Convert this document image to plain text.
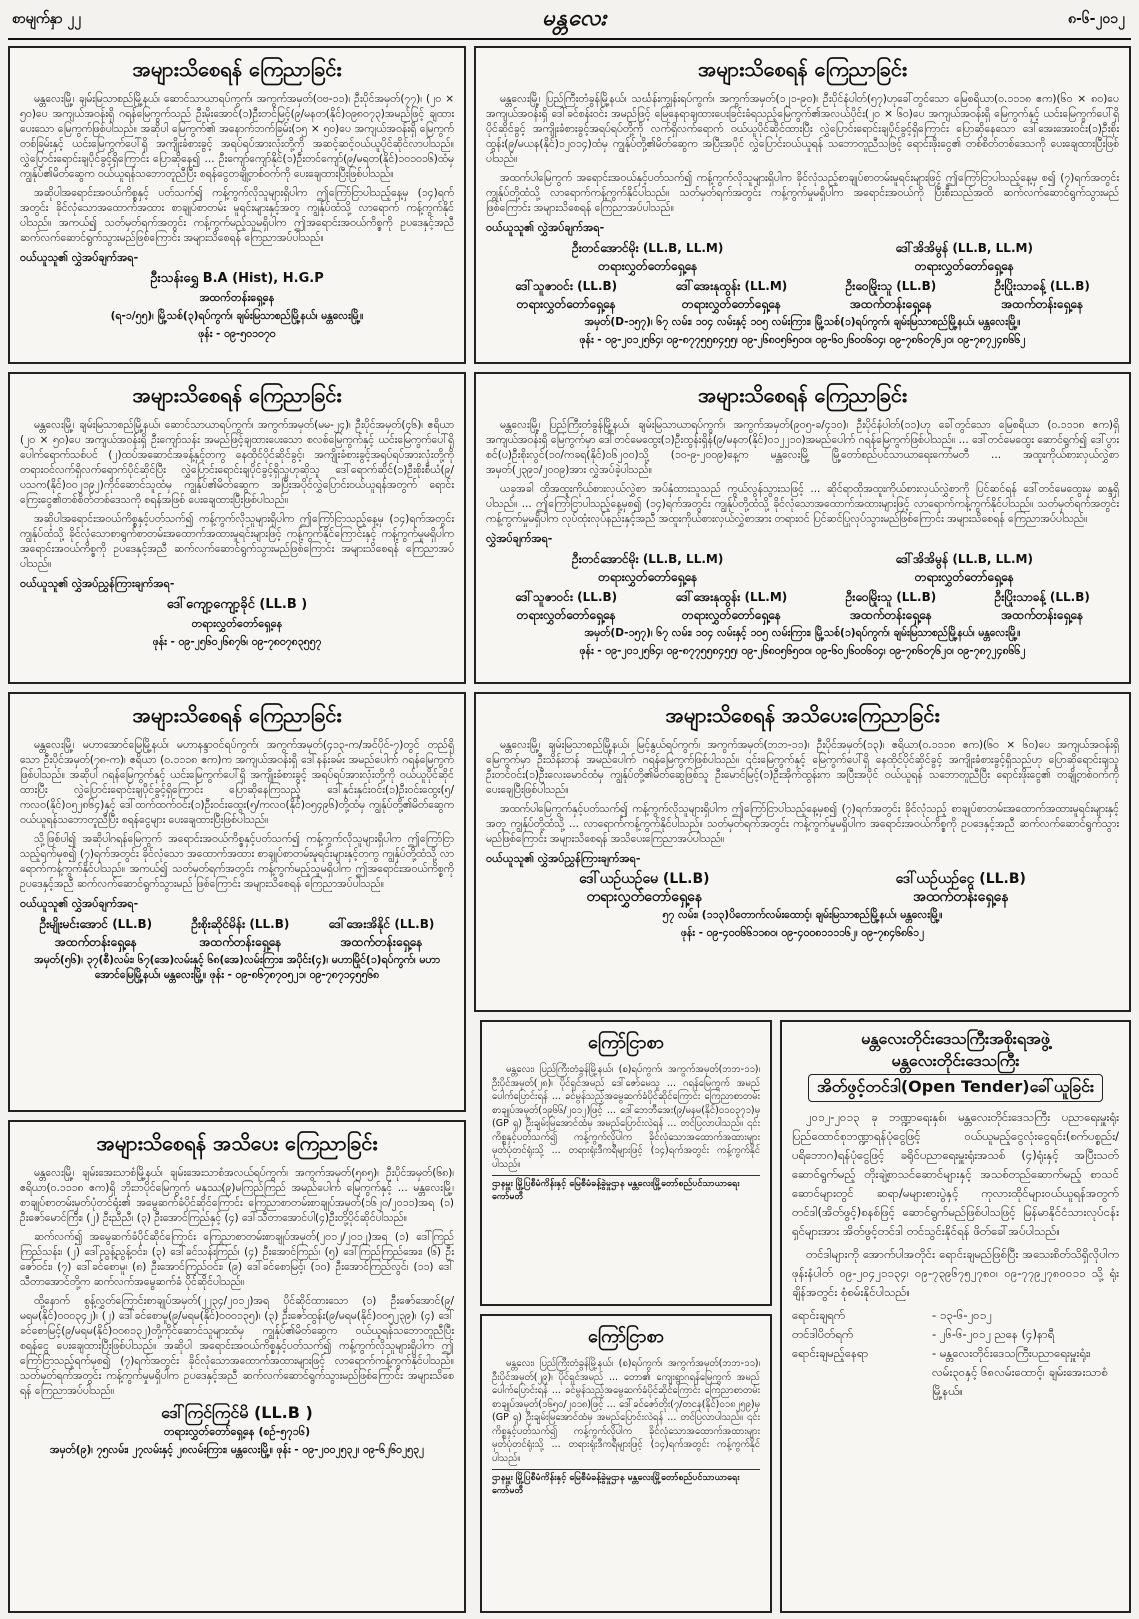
စာမျက်နှာ ၂၂	မန္တလေး	၈-၆-၂၀၁၂
အများသိစေရန် ကြေညာခြင်း

မန္တလေးမြို့၊ ချမ်းမြသာစည်မြို့နယ်၊ ဆောင်သာယာရပ်ကွက်၊ အကွက်အမှတ်(၀ဗ-၁၁)၊ ဦးပိုင်အမှတ်(၇၇)၊ (၂၀ × ၅၀)ပေ အကျယ်အဝန်းရှိ ဂရန်မြေကွက်သည် ဦးမိုးအောင်(၁)ဦးတင်မြင့်(၉/မနတ(နိုင်)၀၉၈၀၇၃)အမည်ဖြင့် ချထားပေးသော မြေကွက်ဖြစ်ပါသည်။ အဆိုပါ မြေကွက်၏ အနောက်ဘက်ခြမ်း(၁၅ × ၅၀)ပေ အကျယ်အဝန်းရှိ မြေကွက်တစ်ခြမ်းနှင့် ယင်းမြေကွက်ပေါ်ရှိ အကျိုးခံစားခွင့် အရပ်ရပ်အားလုံးတို့ကို အဆင့်ဆင့်ဝယ်ယူပိုင်ဆိုင်လာပါသည်။ လွှဲပြောင်းရောင်းချပိုင်ခွင့်ရှိကြောင်း ပြောဆိုနေ၍ ... ဦးကျော်ကျော်နိုင်(၁)ဦးတင်ကျော်(၉/မရတ(နိုင်)၁၀၁၀၁၆)ထံမှ ကျွန်ုပ်၏မိတ်ဆွေက ဝယ်ယူရန်သဘောတူညီပြီး စရန်ငွေတချို့တစ်ဝက်ကို ပေးချေထားပြီးဖြစ်ပါသည်။

အဆိုပါအရောင်းအဝယ်ကိစ္စနှင့် ပတ်သက်၍ ကန့်ကွက်လိုသူများရှိပါက ဤကြော်ငြာပါသည့်နေ့မှ (၁၄)ရက်အတွင်း ခိုင်လုံသောအထောက်အထား စာချုပ်စာတမ်း မူရင်းများနှင့်အတူ ကျွန်ုပ်ထံသို့ လာရောက် ကန့်ကွက်နိုင်ပါသည်။ အကယ်၍ သတ်မှတ်ရက်အတွင်း ကန့်ကွက်မည့်သူမရှိပါက ဤအရောင်းအဝယ်ကိစ္စကို ဥပဒေနှင့်အညီ ဆက်လက်ဆောင်ရွက်သွားမည်ဖြစ်ကြောင်း အများသိစေရန် ကြေညာအပ်ပါသည်။

ဝယ်ယူသူ၏ လွှဲအပ်ချက်အရ-

ဦးသန်းရွှေ B.A (Hist), H.G.P
အထက်တန်းရှေ့နေ
(ရ-၁/၅၅)၊ မြို့သစ်(၃)ရပ်ကွက်၊ ချမ်းမြသာစည်မြို့နယ်၊ မန္တလေးမြို့။
ဖုန်း - ၀၉-၅၀၁၀၇၀
အများသိစေရန် ကြေညာခြင်း

မန္တလေးမြို့၊ ချမ်းမြသာစည်မြို့နယ်၊ ဆောင်သာယာရပ်ကွက်၊ အကွက်အမှတ်(မမ-၂၄)၊ ဦးပိုင်အမှတ်(၄၆)၊ ဧရိယာ (၂၀ × ၅၀)ပေ အကျယ်အဝန်းရှိ ဦးကျော်သန်း အမည်ဖြင့်ချထားပေးသော စလစ်မြေကွက်နှင့် ယင်းမြေကွက်ပေါ်ရှိ ပေါက်ရောက်သစ်ပင် (၂)ထပ်အဆောင်အခန့်နှင့်တကွ နေထိုင်ပိုင်ဆိုင်ခွင့်၊ အကျိုးခံစားခွင့်အရပ်ရပ်အားလုံးတို့ကို တရားဝင်လက်ရှိလက်ရောက်ပိုင်ဆိုင်ပြီး လွှဲပြောင်းရောင်းချပိုင်ခွင့်ရှိသူဟုဆိုသူ ဒေါ်ရောက်ဆိုင်(၁)ဦးစိုးစီယံ(၉/ပသက(နိုင်)၀၀၂၁၉၂)ကိုင်ဆောင်သူထံမှ ကျွန်ုပ်၏မိတ်ဆွေက အပြီးအပိုင်လွှဲပြောင်းဝယ်ယူရန်အတွက် ရောင်းကြေးငွေ၏တစ်စိတ်တစ်ဒေသကို စရန်အဖြစ် ပေးချေထားပြီးဖြစ်ပါသည်။

အဆိုပါအရောင်းအဝယ်ကိစ္စနှင့်ပတ်သက်၍ ကန့်ကွက်လိုသူများရှိပါက ဤကြော်ငြာသည့်နေ့မှ (၁၄)ရက်အတွင်း ကျွန်ုပ်ထံသို့ ခိုင်လုံသောစာရွက်စာတမ်းအထောက်အထားမူရင်းများဖြင့် ကန့်ကွက်နိုင်ကြောင်းနှင့် ကန့်ကွက်မှုမရှိပါက အရောင်းအဝယ်ကိစ္စကို ဥပဒေနှင့်အညီ ဆက်လက်ဆောင်ရွက်သွားမည်ဖြစ်ကြောင်း အများသိစေရန် ကြေညာအပ်ပါသည်။

ဝယ်ယူသူ၏ လွှဲအပ်ညွှန်ကြားချက်အရ-

ဒေါ်ကျော့ကျော့ခိုင် (LL.B )
တရားလွှတ်တော်ရှေ့နေ
ဖုန်း - ၀၉-၂၅၆၀၂၆၈၇၆၊ ၀၉-၇၈၀၇၈၃၅၅၇
အများသိစေရန် ကြေညာခြင်း

မန္တလေးမြို့၊ မဟာအောင်မြေမြို့နယ်၊ မဟာနန္ဒာဝင်ရပ်ကွက်၊ အကွက်အမှတ်(၄၁၃-က/အင်ပိုင်-၇)တွင် တည်ရှိသော ဦးပိုင်အမှတ်(၇၈-က)၊ ဧရိယာ (၀.၁၁၁၈ ဧက)က အကျယ်အဝန်းရှိ ဒေါ်နန်းခမ်း အမည်ပေါက် ဂရန်မြေကွက်ဖြစ်ပါသည်။ အဆိုပါ ဂရန်မြေကွက်နှင့် ယင်းမြေကွက်ပေါ်ရှိ အကျိုးခံစားခွင့် အရပ်ရပ်အားလုံးတို့ကို ဝယ်ယူပိုင်ဆိုင်ထားပြီး လွှဲပြောင်းရောင်းချပိုင်ခွင့်ရှိကြောင်း ပြောဆိုနေကြသည့် ဒေါ်နှင်းနှင်းဝင်း(၁)ဦးဝင်းထွေး(၅/ကလဝ(နိုင်)၀၅၂၈၆၄)နှင့် ဒေါ်ထက်ထက်ဝင်း(၁)ဦးဝင်းထွေး(၅/ကလဝ(နိုင်)၀၅၄၉၆)တို့ထံမှ ကျွန်ုပ်တို့၏မိတ်ဆွေက ဝယ်ယူရန်သဘောတူညီပြီး စရန်ငွေများ ပေးချေထားပြီးဖြစ်ပါသည်။

သို့ဖြစ်ပါ၍ အဆိုပါဂရန်မြေကွက် အရောင်းအဝယ်ကိစ္စနှင့်ပတ်သက်၍ ကန့်ကွက်လိုသူများရှိပါက ဤကြော်ငြာသည့်ရက်မှစ၍ (၇)ရက်အတွင်း ခိုင်လုံသော အထောက်အထား စာချုပ်စာတမ်းမူရင်းများနှင့်တကွ ကျွန်ုပ်တို့ထံသို့ လာရောက်ကန့်ကွက်နိုင်ပါသည်။ အကယ်၍ သတ်မှတ်ရက်အတွင်း ကန့်ကွက်မည့်သူမရှိပါက ဤအရောင်းအဝယ်ကိစ္စကို ဥပဒေနှင့်အညီ ဆက်လက်ဆောင်ရွက်သွားမည် ဖြစ်ကြောင်း အများသိစေရန် ကြေညာအပ်ပါသည်။

ဝယ်ယူသူ၏ လွှဲအပ်ချက်အရ-

ဦးမျိုးမင်းအောင် (LL.B)
အထက်တန်းရှေ့နေ
ဦးစိုးဆိုင်မိန်း (LL.B)
အထက်တန်းရှေ့နေ
ဒေါ်အေးအိနိုင် (LL.B)
အထက်တန်းရှေ့နေ
အမှတ်(၅၆)၊ ၃၇(စီ)လမ်း၊ ၆၇(အေ)လမ်းနှင့် ၆၈(အေ)လမ်းကြား၊ အပိုင်း(၄)၊ မဟာမြိုင်(၁)ရပ်ကွက်၊ မဟာအောင်မြေမြို့နယ်၊ မန္တလေးမြို့။ ဖုန်း - ၀၉-၈၆၇၈၇၀၅၂၁၊ ၀၉-၇၈၇၁၄၅၅၆၈
အများသိစေရန် အသိပေး ကြေညာခြင်း

မန္တလေးမြို့၊ ချမ်းအေးသာစံမြို့နယ်၊ ချမ်းအေးသာစံအလယ်ရပ်ကွက်၊ အကွက်အမှတ်(၅၈၅)၊ ဦးပိုင်အမှတ်(၆၈)၊ ဧရိယာ(၀.၁၁၁၈ ဧက)ရှိ ဘိုးဘပိုင်မြေကွက် မနုဿ(၉)မကြည်ကြည် အမည်ပေါက် မြေကွက်နှင့် ... မန္တလေးမြို့၊ စာချုပ်စာတမ်းမှတ်ပုံတင်ရုံး၏ အမွေဆက်ခံပိုင်ဆိုင်ကြောင်း ကြေညာစာတမ်းစာချုပ်အမှတ်(၁၆၂၀/၂၀၁၁)အရ (၁) ဦးဇော်မောင်ကြီး၊ (၂) ဦးညီညီ၊ (၃) ဦးအောင်ကြည်နှင့် (၄) ဒေါ်သီတာအောင်ပါ(၄)ဦးတို့ပိုင်ဆိုင်ပါသည်။

ဆက်လက်၍ အမွေဆက်ခံပိုင်ဆိုင်ကြောင်း ကြေညာစာတမ်းစာချုပ်အမှတ်(၂၀၁၂/၂၀၁၂)အရ (၁) ဒေါ်ကြည်ကြည်သန်း၊ (၂) ဒေါ်ညွန့်ညွန့်ဝင်း၊ (၃) ဒေါ်ခင်သန်းကြည်၊ (၄) ဦးအောင်ကြည်၊ (၅) ဒေါ်ကြည်ကြည်အေး၊ (၆) ဦးဇော်ဝင်း၊ (၇) ဒေါ်ခင်စောမူ၊ (၈) ဦးအောင်ကြည်ဝင်း၊ (၉) ဒေါ်ခင်စောမြင့်၊ (၁၀) ဦးအောင်ကြည်လွင်၊ (၁၁) ဒေါ်သီတာအောင်တို့က ဆက်လက်အမွေဆက်ခံ ပိုင်ဆိုင်ပါသည်။

ထို့နောက် စွန့်လွှတ်ကြောင်းစာချုပ်အမှတ်(၂၂၃၄/၂၀၁၂)အရ ပိုင်ဆိုင်ထားသော (၁) ဦးဇော်အောင်(၉/မရမ(နိုင်)၀၀၀၃၄၂)၊ (၂) ဒေါ်ခင်စောမူ(၉/မရမ(နိုင်)၀၀၀၁၃၅)၊ (၃) ဦးဇော်ထွန်း(၉/မရမ(နိုင်)၀၀၅၂၃၉)၊ (၄) ဒေါ်ခင်စောမြင့်(၉/မရမ(နိုင်)၀၀၈၁၃၂)တို့ကိုင်ဆောင်သူများထံမှ ကျွန်ုပ်၏မိတ်ဆွေက ဝယ်ယူရန်သဘောတူညီပြီး စရန်ငွေ ပေးချေထားပြီးဖြစ်ပါသည်။ အဆိုပါ အရောင်းအဝယ်ကိစ္စနှင့်ပတ်သက်၍ ကန့်ကွက်လိုသူများရှိပါက ဤကြော်ငြာသည့်ရက်မှစ၍ (၇)ရက်အတွင်း ခိုင်လုံသောအထောက်အထားများဖြင့် လာရောက်ကန့်ကွက်နိုင်ပါသည်။ သတ်မှတ်ရက်အတွင်း ကန့်ကွက်မှုမရှိပါက ဥပဒေနှင့်အညီ ဆက်လက်ဆောင်ရွက်သွားမည်ဖြစ်ကြောင်း အများသိစေရန် ကြေညာအပ်ပါသည်။

ဒေါ်ကြင်ကြင်မိ (LL.B )
တရားလွှတ်တော်ရှေ့နေ (စဉ်-၅၇၁၆)
အမှတ်(၉)၊ ၇၅လမ်း၊ ၂၇လမ်းနှင့် ၂၈လမ်းကြား၊ မန္တလေးမြို့။ ဖုန်း - ၀၉-၂၀၀၂၅၃၂၊ ၀၉-၆၂၆၀၂၅၃၂
အများသိစေရန် ကြေညာခြင်း

မန္တလေးမြို့၊ ပြည်ကြီးတံခွန်မြို့နယ်၊ သင်္ဃန်းကျွန်းရပ်ကွက်၊ အကွက်အမှတ်(၁၂၁-၉၀)၊ ဦးပိုင်နံပါတ်(၅၇)ဟုခေါ်တွင်သော မြေစရိယာ(၀.၁၁၁၈ ဧက)(၆၀ × ၈၀)ပေ အကျယ်အဝန်းရှိ ဒေါ်ခင်စန်းဝင်း အမည်ဖြင့် မြေနေရာချထားပေးခြင်းခံရသည့်မြေကွက်၏အလယ်ပိုင်း(၂၀ × ၆၀)ပေ အကျယ်အဝန်းရှိ မြေကွက်နှင့် ယင်းမြေကွက်ပေါ်ရှိ ပိုင်ဆိုင်ခွင့် အကျိုးခံစားခွင့်အရပ်ရပ်တို့ကို လက်ရှိလက်ရောက် ဝယ်ယူပိုင်ဆိုင်ထားပြီး လွှဲပြောင်းရောင်းချပိုင်ခွင့်ရှိကြောင်း ပြောဆိုနေသော ဒေါ်အေးအေးဝင်း(၁)ဦးစိုးထွန်း(၉/မယန(နိုင်)၁၂၀၁၄)ထံမှ ကျွန်ုပ်တို့၏မိတ်ဆွေက အပြီးအပိုင် လွှဲပြောင်းဝယ်ယူရန် သဘောတူညီသဖြင့် ရောင်းဖိုးငွေ၏ တစ်စိတ်တစ်ဒေသကို ပေးချေထားပြီးဖြစ်ပါသည်။

အထက်ပါမြေကွက် အရောင်းအဝယ်နှင့်ပတ်သက်၍ ကန့်ကွက်လိုသူများရှိပါက ခိုင်လုံသည့်စာချုပ်စာတမ်းမူရင်းများဖြင့် ဤကြော်ငြာပါသည့်နေ့မှ စ၍ (၇)ရက်အတွင်း ကျွန်ုပ်တို့ထံသို့ လာရောက်ကန့်ကွက်နိုင်ပါသည်။ သတ်မှတ်ရက်အတွင်း ကန့်ကွက်မှုမရှိပါက အရောင်းအဝယ်ကို ပြီးစီးသည်အထိ ဆက်လက်ဆောင်ရွက်သွားမည်ဖြစ်ကြောင်း အများသိစေရန် ကြေညာအပ်ပါသည်။

ဝယ်ယူသူ၏ လွှဲအပ်ချက်အရ-

ဦးတင်အောင်မိုး (LL.B, LL.M)
တရားလွှတ်တော်ရှေ့နေ
ဒေါ်အိအိမွန် (LL.B, LL.M)
တရားလွှတ်တော်ရှေ့နေ
ဒေါ်သူဇာဝင်း (LL.B)
တရားလွှတ်တော်ရှေ့နေ
ဒေါ်အေးနုထွန်း (LL.M)
တရားလွှတ်တော်ရှေ့နေ
ဦးဝေမြိုးသူ (LL.B)
အထက်တန်းရှေ့နေ
ဦးပြိုးသာခန့် (LL.B)
အထက်တန်းရှေ့နေ
အမှတ်(D-၁၅၇)၊ ၆၇ လမ်း၊ ၁၀၄ လမ်းနှင့် ၁၀၅ လမ်းကြား၊ မြို့သစ်(၁)ရပ်ကွက်၊ ချမ်းမြသာစည်မြို့နယ်၊ မန္တလေးမြို့။
ဖုန်း - ၀၉-၂၀၁၂၅၆၄၊ ၀၉-၈၇၇၅၅၈၄၅၅၊ ၀၉-၂၆၈၀၅၆၅၀၀၊ ၀၉-၆၀၂၆၀၀၆၀၄၊ ၀၉-၇၈၆၀၇၆၂၀၊ ၀၉-၇၈၇၂၄၈၆၆၂
အများသိစေရန် ကြေညာခြင်း

မန္တလေးမြို့၊ ပြည်ကြီးတံခွန်မြို့နယ်၊ ချမ်းမြသာယာရပ်ကွက်၊ အကွက်အမှတ်(၉၀၅-ခ/၄၁၀)၊ ဦးပိုင်နံပါတ်(၁၁)ဟု ခေါ်တွင်သော မြေစရိယာ (၀.၁၁၁၈ ဧက)ရှိ အကျယ်အဝန်းရှိ မြေကွက်မှာ ဒေါ်တင်မေထွေး(၁)ဦးထွန်းရှိန်(၉/မနတ(နိုင်)၀၁၂၂၁၀)အမည်ပေါက် ဂရန်မြေကွက်ဖြစ်ပါသည်။ ... ဒေါ်တင်မေထွေး ဆောင်ရွက်၍ ဒေါ်ပွားစင်(ပ)ဦးစိုးလွင်(၁၀/ကခရ(နိုင်)၀၆၂၀၀)သို့ (၁၀-၉-၂၀၀၉)နေ့က မန္တလေးမြို့ မြို့တော်စည်ပင်သာယာရေးကော်မတီ ... အထူးကိုယ်စားလှယ်လွှဲစာအမှတ်(၂၃၉၁/၂၀၀၉)အား လွှဲအပ်ခဲ့ပါသည်။

ယခုအခါ ထိုအထူးကိုယ်စားလှယ်လွှဲစာ အပ်နှံထားသူသည် ကွယ်လွန်သွားသဖြင့် ... ဆိုင်ရာထိုအထူးကိုယ်စားလှယ်လွှဲစာကို ပြင်ဆင်ရန် ဒေါ်တင်မေထွေးမှ ဆန္ဒရှိပါသည်။ ... ဤကြော်ငြာပါသည့်နေ့မှစ၍ (၁၄)ရက်အတွင်း ကျွန်ုပ်တို့ထံသို့ ခိုင်လုံသောအထောက်အထားများဖြင့် လာရောက်ကန့်ကွက်နိုင်ပါသည်။ သတ်မှတ်ရက်အတွင်း ကန့်ကွက်မှုမရှိပါက လုပ်ထုံးလုပ်နည်းနှင့်အညီ အထူးကိုယ်စားလှယ်လွှဲစာအား တရားဝင် ပြင်ဆင်ပြုလုပ်သွားမည်ဖြစ်ကြောင်း အများသိစေရန် ကြေညာအပ်ပါသည်။

လွှဲအပ်ချက်အရ-

ဦးတင်အောင်မိုး (LL.B, LL.M)
တရားလွှတ်တော်ရှေ့နေ
ဒေါ်အိအိမွန် (LL.B, LL.M)
တရားလွှတ်တော်ရှေ့နေ
ဒေါ်သူဇာဝင်း (LL.B)
တရားလွှတ်တော်ရှေ့နေ
ဒေါ်အေးနုထွန်း (LL.M)
တရားလွှတ်တော်ရှေ့နေ
ဦးဝေမြိုးသူ (LL.B)
အထက်တန်းရှေ့နေ
ဦးပြိုးသာခန့် (LL.B)
အထက်တန်းရှေ့နေ
အမှတ်(D-၁၅၇)၊ ၆၇ လမ်း၊ ၁၀၄ လမ်းနှင့် ၁၀၅ လမ်းကြား၊ မြို့သစ်(၁)ရပ်ကွက်၊ ချမ်းမြသာစည်မြို့နယ်၊ မန္တလေးမြို့။
ဖုန်း - ၀၉-၂၀၁၂၅၆၄၊ ၀၉-၈၇၇၅၅၈၄၅၅၊ ၀၉-၂၆၈၀၅၆၅၀၀၊ ၀၉-၆၀၂၆၀၀၆၀၄၊ ၀၉-၇၈၆၀၇၆၂၀၊ ၀၉-၇၈၇၂၄၈၆၆၂
အများသိစေရန် အသိပေးကြေညာခြင်း

မန္တလေးမြို့၊ ချမ်းမြသာစည်မြို့နယ်၊ မြင့်နွယ်ရပ်ကွက်၊ အကွက်အမှတ်(ဘဘ-၁၁)၊ ဦးပိုင်အမှတ်(၁၃)၊ ဧရိယာ(၀.၁၁၁၈ ဧက)(၆၀ × ၆၀)ပေ အကျယ်အဝန်းရှိ မြေကွက်မှာ ဦးသိန်းတန် အမည်ပေါက် ဂရန်မြေကွက်ဖြစ်ပါသည်။ ၎င်းမြေကွက်နှင့် မြေကွက်ပေါ်ရှိ နေထိုင်ပိုင်ဆိုင်ခွင့် အကျိုးခံစားခွင့်ရှိသည်ဟု ပြောဆိုရောင်းချသူ ဦးတင်ဝင်း(၁)ဦးလေးမောင်ထံမှ ကျွန်ုပ်တို့၏မိတ်ဆွေဖြစ်သူ ဦးမောင်မြင့်(၁)ဦးအိုက်ထွန်းက အပြီးအပိုင် ဝယ်ယူရန် သဘောတူညီပြီး ရောင်းဖိုးငွေ၏ တချို့တစ်ဝက်ကို ပေးချေပြီးဖြစ်ပါသည်။

အထက်ပါမြေကွက်နှင့်ပတ်သက်၍ ကန့်ကွက်လိုသူများရှိပါက ဤကြော်ငြာပါသည့်နေ့မှစ၍ (၇)ရက်အတွင်း ခိုင်လုံသည့် စာချုပ်စာတမ်းအထောက်အထားမူရင်းများနှင့်အတူ ကျွန်ုပ်တို့ထံသို့ ... လာရောက်ကန့်ကွက်နိုင်ပါသည်။ သတ်မှတ်ရက်အတွင်း ကန့်ကွက်မှုမရှိပါက အရောင်းအဝယ်ကိစ္စကို ဥပဒေနှင့်အညီ ဆက်လက်ဆောင်ရွက်သွားမည်ဖြစ်ကြောင်း အများသိစေရန် အသိပေးကြေညာအပ်ပါသည်။

ဝယ်ယူသူ၏ လွှဲအပ်ညွှန်ကြားချက်အရ-

ဒေါ်ယဉ်ယဉ်မေ (LL.B)
တရားလွှတ်တော်ရှေ့နေ
ဒေါ်ယဉ်ယဉ်ငွေ (LL.B)
အထက်တန်းရှေ့နေ
၅၇ လမ်း၊ (၁၁၃)ပိတောက်လမ်းထောင့်၊ ချမ်းမြသာစည်မြို့နယ်၊ မန္တလေးမြို့။
ဖုန်း - ၀၉-၄၀၀၆၆၁၁၈၀၊ ၀၉-၄၀၀၈၁၁၁၁၆၂၊ ၀၉-၇၈၄၆၈၆၁၂
ကြော်ငြာစာ

မန္တလေး၊ ပြည်ကြီးတံခွန်မြို့နယ်၊ (စ)ရပ်ကွက်၊ အကွက်အမှတ်(ဘဘ-၁၁)၊ ဦးပိုင်အမှတ်(၂၈)၊ ပိုင်ရှင်အမည် ဒေါ်ဇော်မေသူ ... ဂရန်မြေကွက် အမည်ပေါက်ပြောင်းရန် ... ခင်မွန်သည့်အမွေဆက်ခံပိုင်ဆိုင်ကြောင်း ကြေညာစာတမ်းစာချုပ်အမှတ်(၁၉၆၆/၂၀၁၂)ဖြင့် ... ဒေါ်ဘေဘီအေး(၉/မနမ(နိုင်)၀၁၀၃၇၁)မှ (GP ရှ) ဦးချမ်းမြအောင်ထံမှ အမည်ပြောင်းလဲရန် ... တင်ပြလာပါသည်။ ၎င်းကိစ္စနှင့်ပတ်သက်၍ ကန့်ကွက်လိုပါက ခိုင်လုံသောအထောက်အထားများ မှတ်ပုံတင်ရုံးသို့ ... တရားရုံးဒီကရီများဖြင့် (၁၄)ရက်အတွင်း ကန့်ကွက်နိုင်ပါသည်။

ဌာနမှူး မြို့ပြစီမံကိန်းနှင့် မြေစီမံခန့်ခွဲမှုဌာန မန္တလေးမြို့တော်စည်ပင်သာယာရေးကော်မတီ
ကြော်ငြာစာ

မန္တလေး၊ ပြည်ကြီးတံခွန်မြို့နယ်၊ (စ)ရပ်ကွက်၊ အကွက်အမှတ်(ဘဘ-၁၁)၊ ဦးပိုင်အမှတ်(၂၉)၊ ပိုင်ရှင်အမည် ... တော၏ ကျေးရွာဂရန်မြေကွက် အမည်ပေါက်ပြောင်းရန် ... ခင်မွန်သည့်အမွေဆက်ခံပိုင်ဆိုင်ကြောင်း ကြေညာစာတမ်းစာချုပ်အမှတ်(၁၆၅၀/၂၀၁၈)ဖြင့် ... ဒေါ်ခင်ဇော်တိုး(၇/တငန(နိုင်)၀၁၈၂၅၉)မှ (GP ရှ) ဦးချမ်းမြအောင်ထံမှ အမည်ပြောင်းလဲရန် ... တင်ပြလာပါသည်။ ၎င်းကိစ္စနှင့်ပတ်သက်၍ ကန့်ကွက်လိုပါက ခိုင်လုံသောအထောက်အထားများ မှတ်ပုံတင်ရုံးသို့ ... တရားရုံးဒီကရီများဖြင့် (၁၄)ရက်အတွင်း ကန့်ကွက်နိုင်ပါသည်။

ဌာနမှူး မြို့ပြစီမံကိန်းနှင့် မြေစီမံခန့်ခွဲမှုဌာန မန္တလေးမြို့တော်စည်ပင်သာယာရေးကော်မတီ
မန္တလေးတိုင်းဒေသကြီးအစိုးရအဖွဲ့
မန္တလေးတိုင်းဒေသကြီး
အိတ်ဖွင့်တင်ဒါ(Open Tender)ခေါ်ယူခြင်း

၂၀၁၂-၂၀၁၃ ခု ဘဏ္ဍာရေးနှစ်၊ မန္တလေးတိုင်းဒေသကြီး ပညာရေးမှူးရုံး ပြည်ထောင်စုဘဏ္ဍာရန်ပုံငွေဖြင့် ဝယ်ယူမည့်ငွေလုံးငွေရင်း(စက်ပစ္စည်း/ပရိဘောဂ)ရန်ပုံငွေဖြင့် ခရိုင်ပညာရေးမှူးရုံးအသစ် (၄)ရုံးနှင့် အပြီးသတ်ဆောင်ရွက်မည့် တိုးချဲ့စာသင်ဆောင်များနှင့် အသစ်တည်ဆောက်မည့် စာသင်ဆောင်များတွင် ဆရာ/မများစားပွဲနှင့် ကုလားထိုင်များဝယ်ယူရန်အတွက် တင်ဒါ(အိတ်ဖွင့်)စနစ်ဖြင့် ဆောင်ရွက်မည်ဖြစ်ပါသဖြင့် မြန်မာနိုင်ငံသားလုပ်ငန်းရှင်များအား အိတ်ဖွင့်တင်ဒါ တင်သွင်းနိုင်ရန် ဖိတ်ခေါ်အပ်ပါသည်။

တင်ဒါများကို အောက်ပါအတိုင်း ရောင်းချမည်ဖြစ်ပြီး အသေးစိတ်သိရှိလိုပါက ဖုန်းနံပါတ် ၀၉-၂၀၄၂၁၁၃၄၊ ၀၉-၇၃၉၆၇၅၂၇၈၀၊ ၀၉-၇၇၉၂၇၈၀၀၁၁ သို့ ရုံးချိန်အတွင်း စုံစမ်းနိုင်ပါသည်။

ရောင်းချရက်	- ၁၃-၆-၂၀၁၂
တင်ဒါပိတ်ရက်	- ၂၆-၆-၂၀၁၂ ညနေ (၄)နာရီ
ရောင်းချမည့်နေရာ	- မန္တလေးတိုင်းဒေသကြီးပညာရေးမှူးရုံး၊ လမ်း၃၀နှင့် ၆၈လမ်းထောင့်၊ ချမ်းအေးသာစံမြို့နယ်။
